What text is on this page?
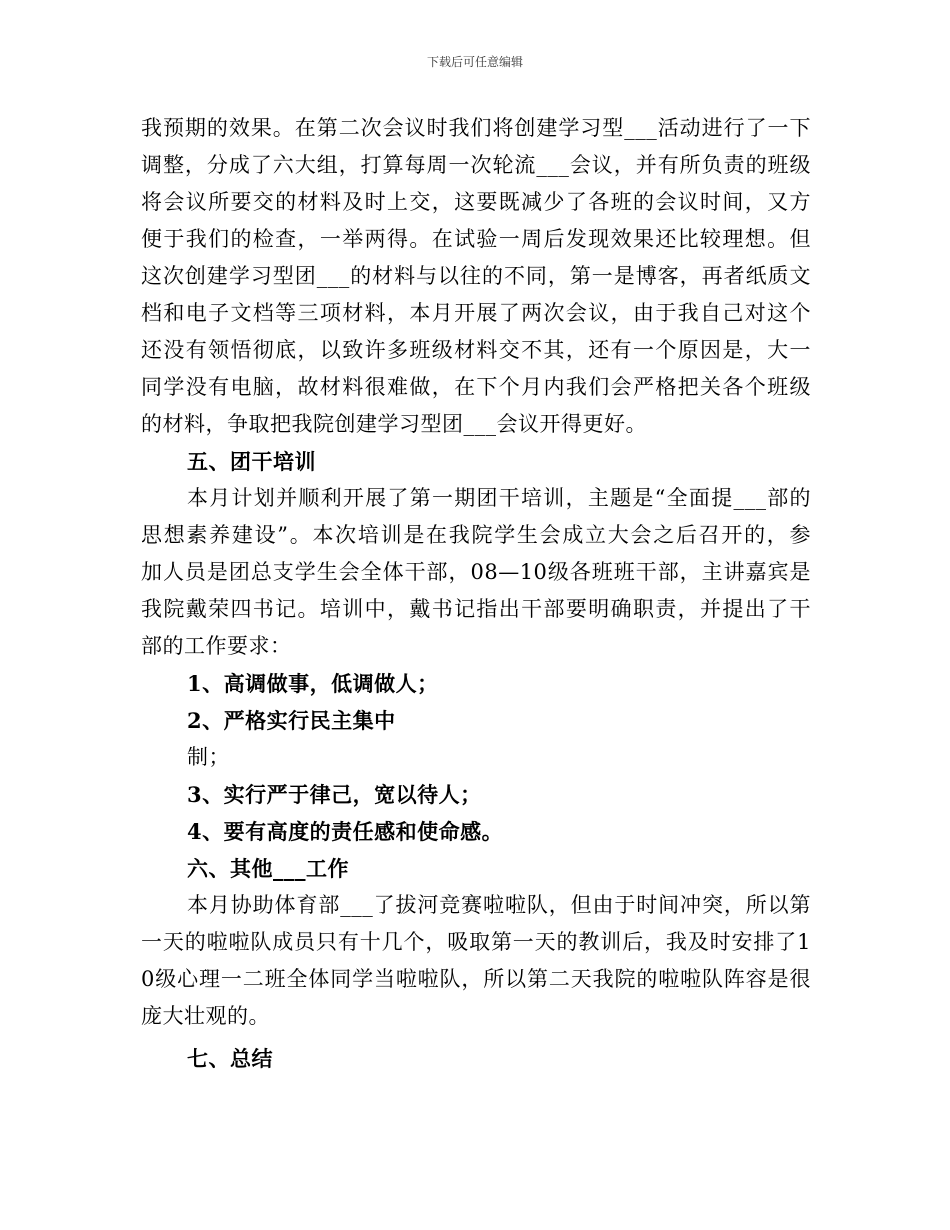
下载后可任意编辑
我预期的效果。在第二次会议时我们将创建学习型___活动进行了一下
调整，分成了六大组，打算每周一次轮流___会议，并有所负责的班级
将会议所要交的材料及时上交，这要既减少了各班的会议时间，又方
便于我们的检查，一举两得。在试验一周后发现效果还比较理想。但
这次创建学习型团___的材料与以往的不同，第一是博客，再者纸质文
档和电子文档等三项材料，本月开展了两次会议，由于我自己对这个
还没有领悟彻底，以致许多班级材料交不其，还有一个原因是，大一
同学没有电脑，故材料很难做，在下个月内我们会严格把关各个班级
的材料，争取把我院创建学习型团___会议开得更好。
五、团干培训
本月计划并顺利开展了第一期团干培训，主题是“全面提___部的
思想素养建设”。本次培训是在我院学生会成立大会之后召开的，参
加人员是团总支学生会全体干部，08—10级各班班干部，主讲嘉宾是
我院戴荣四书记。培训中，戴书记指出干部要明确职责，并提出了干
部的工作要求：
1、高调做事，低调做人；
2、严格实行民主集中
制；
3、实行严于律己，宽以待人；
4、要有高度的责任感和使命感。
六、其他___工作
本月协助体育部___了拔河竞赛啦啦队，但由于时间冲突，所以第
一天的啦啦队成员只有十几个，吸取第一天的教训后，我及时安排了1
0级心理一二班全体同学当啦啦队，所以第二天我院的啦啦队阵容是很
庞大壮观的。
七、总结
